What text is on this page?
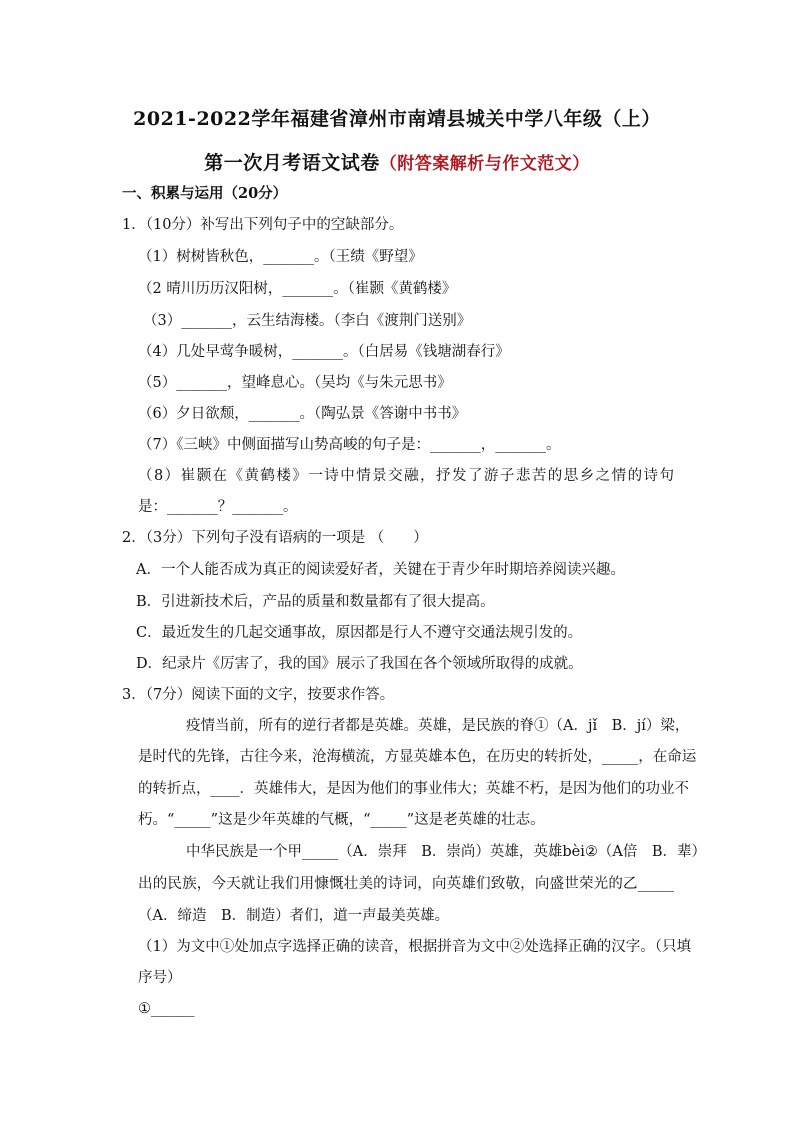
2021-2022学年福建省漳州市南靖县城关中学八年级（上）
第一次月考语文试卷（附答案解析与作文范文）
一、积累与运用（20分）
1．（10分）补写出下列句子中的空缺部分。
（1）树树皆秋色，_______。（王绩《野望》
（2 晴川历历汉阳树，_______。（崔颢《黄鹤楼》
（3）_______，云生结海楼。（李白《渡荆门送别》
（4）几处早莺争暖树，_______。（白居易《钱塘湖春行》
（5）_______，望峰息心。（吴均《与朱元思书》
（6）夕日欲颓，_______。（陶弘景《答谢中书书》
（7）《三峡》中侧面描写山势高峻的句子是：_______，_______。
（8）崔颢在《黄鹤楼》一诗中情景交融，抒发了游子悲苦的思乡之情的诗句
是：_______？_______。
2．（3分）下列句子没有语病的一项是 （　　）
A．一个人能否成为真正的阅读爱好者，关键在于青少年时期培养阅读兴趣。
B．引进新技术后，产品的质量和数量都有了很大提高。
C．最近发生的几起交通事故，原因都是行人不遵守交通法规引发的。
D．纪录片《厉害了，我的国》展示了我国在各个领域所取得的成就。
3．（7分）阅读下面的文字，按要求作答。
疫情当前，所有的逆行者都是英雄。英雄，是民族的脊①（A．jǐ　B．jí）梁，
是时代的先锋，古往今来，沧海横流，方显英雄本色，在历史的转折处，_____，在命运
的转折点，____．英雄伟大，是因为他们的事业伟大；英雄不朽，是因为他们的功业不
朽。“_____”这是少年英雄的气概，“_____”这是老英雄的壮志。
中华民族是一个甲_____（A．崇拜　B．崇尚）英雄，英雄bèi②（A倍　B．辈）
出的民族，今天就让我们用慷慨壮美的诗词，向英雄们致敬，向盛世荣光的乙_____
（A．缔造　B．制造）者们，道一声最美英雄。
（1）为文中①处加点字选择正确的读音，根据拼音为文中②处选择正确的汉字。（只填
序号）
①______
